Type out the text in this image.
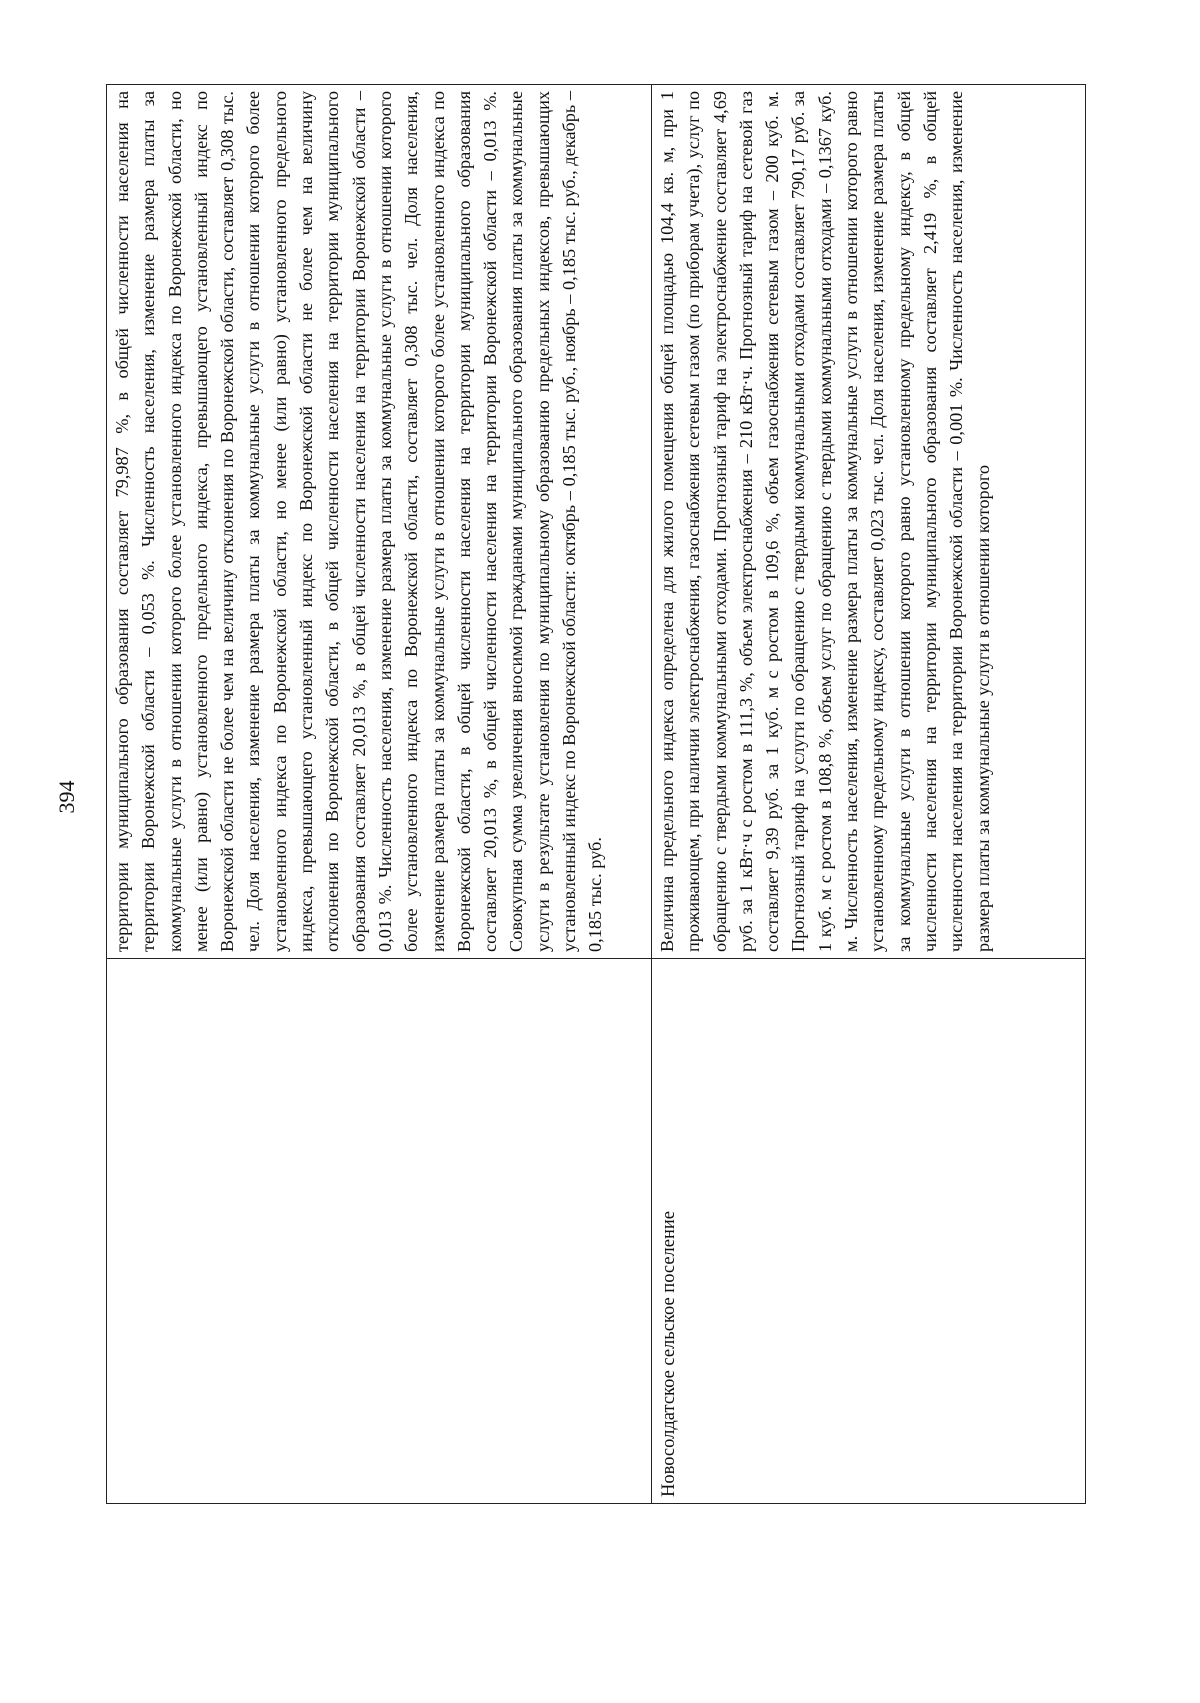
394 территории муниципального образования составляет 79,987 %, в общей численности населения на территории Воронежской области – 0,053 %. Численность населения, изменение размера платы за коммунальные услуги в отношении которого более установленного индекса по Воронежской области, но менее (или равно) установленного предельного индекса, превышающего установленный индекс по Воронежской области не более чем на величину отклонения по Воронежской области, составляет 0,308 тыс. чел. Доля населения, изменение размера платы за коммунальные услуги в отношении которого более установленного индекса по Воронежской области, но менее (или равно) установленного предельного индекса, превышающего установленный индекс по Воронежской области не более чем на величину отклонения по Воронежской области, в общей численности населения на территории муниципального образования составляет 20,013 %, в общей численности населения на территории Воронежской области – 0,013 %. Численность населения, изменение размера платы за коммунальные услуги в отношении которого более установленного индекса по Воронежской области, составляет 0,308 тыс. чел. Доля населения, изменение размера платы за коммунальные услуги в отношении которого более установленного индекса по Воронежской области, в общей численности населения на территории муниципального образования составляет 20,013 %, в общей численности населения на территории Воронежской области – 0,013 %. Совокупная сумма увеличения вносимой гражданами муниципального образования платы за коммунальные услуги в результате установления по муниципальному образованию предельных индексов, превышающих установленный индекс по Воронежской области: октябрь – 0,185 тыс. руб., ноябрь – 0,185 тыс. руб., декабрь – 0,185 тыс. руб.
Новосолдатское сельское поселение
Величина предельного индекса определена для жилого помещения общей площадью 104,4 кв. м, при 1 проживающем, при наличии электроснабжения, газоснабжения сетевым газом (по приборам учета), услуг по обращению с твердыми коммунальными отходами. Прогнозный тариф на электроснабжение составляет 4,69 руб. за 1 кВт·ч с ростом в 111,3 %, объем электроснабжения – 210 кВт·ч. Прогнозный тариф на сетевой газ составляет 9,39 руб. за 1 куб. м с ростом в 109,6 %, объем газоснабжения сетевым газом – 200 куб. м. Прогнозный тариф на услуги по обращению с твердыми коммунальными отходами составляет 790,17 руб. за 1 куб. м с ростом в 108,8 %, объем услуг по обращению с твердыми коммунальными отходами – 0,1367 куб. м. Численность населения, изменение размера платы за коммунальные услуги в отношении которого равно установленному предельному индексу, составляет 0,023 тыс. чел. Доля населения, изменение размера платы за коммунальные услуги в отношении которого равно установленному предельному индексу, в общей численности населения на территории муниципального образования составляет 2,419 %, в общей численности населения на территории Воронежской области – 0,001 %. Численность населения, изменение размера платы за коммунальные услуги в отношении которого
